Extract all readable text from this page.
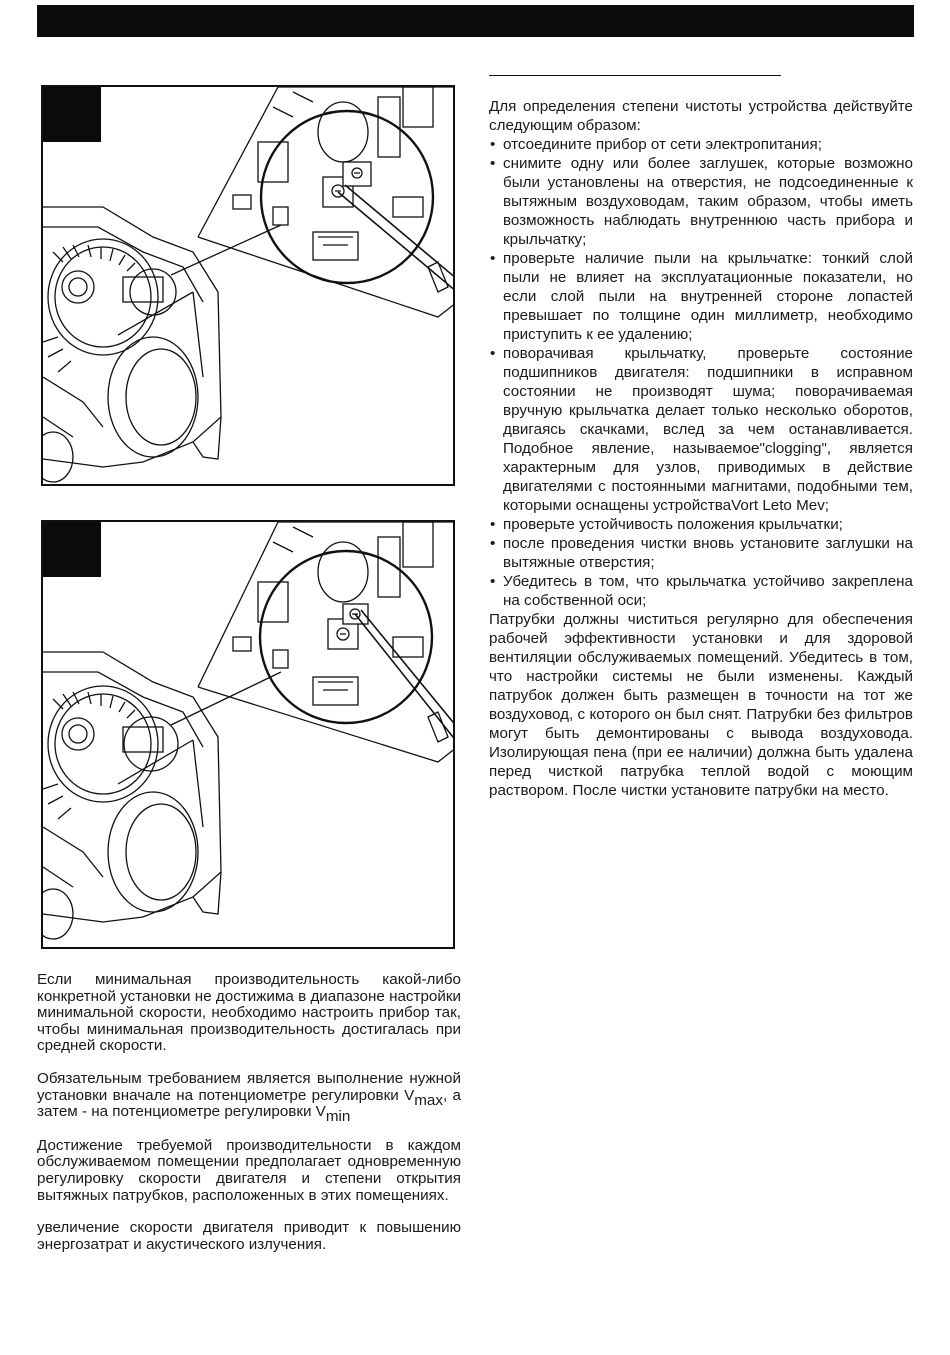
Для определения степени чистоты устройства действуйте следующим образом:

• отсоедините прибор от сети электропитания;
• снимите одну или более заглушек, которые возможно были установлены на отверстия, не подсоединенные к вытяжным воздуховодам, таким образом, чтобы иметь возможность наблюдать внутреннюю часть прибора и крыльчатку;
• проверьте наличие пыли на крыльчатке: тонкий слой пыли не влияет на эксплуатационные показатели, но если слой пыли на внутренней стороне лопастей превышает по толщине один миллиметр, необходимо приступить к ее удалению;
• поворачивая крыльчатку, проверьте состояние подшипников двигателя: подшипники в исправном состоянии не производят шума; поворачиваемая вручную крыльчатка делает только несколько оборотов, двигаясь скачками, вслед за чем останавливается. Подобное явление, называемое"clogging", является характерным для узлов, приводимых в действие двигателями с постоянными магнитами, подобными тем, которыми оснащены устройстваVort Leto Mev;
• проверьте устойчивость положения крыльчатки;
• после проведения чистки вновь установите заглушки на вытяжные отверстия;
• Убедитесь в том, что крыльчатка устойчиво закреплена на собственной оси;

Патрубки должны чиститься регулярно для обеспечения рабочей эффективности установки и для здоровой вентиляции обслуживаемых помещений. Убедитесь в том, что настройки системы не были изменены. Каждый патрубок должен быть размещен в точности на тот же воздуховод, с которого он был снят. Патрубки без фильтров могут быть демонтированы с вывода воздуховода. Изолирующая пена (при ее наличии) должна быть удалена перед чисткой патрубка теплой водой с моющим раствором. После чистки установите патрубки на место.

Если минимальная производительность какой-либо конкретной установки не достижима в диапазоне настройки минимальной скорости, необходимо настроить прибор так, чтобы минимальная производительность достигалась при средней скорости.

Обязательным требованием является выполнение нужной установки вначале на потенциометре регулировки $V_{max}$, а затем - на потенциометре регулировки $V_{min}$

Достижение требуемой производительности в каждом обслуживаемом помещении предполагает одновременную регулировку скорости двигателя и степени открытия вытяжных патрубков, расположенных в этих помещениях.

увеличение скорости двигателя приводит к повышению энергозатрат и акустического излучения.
